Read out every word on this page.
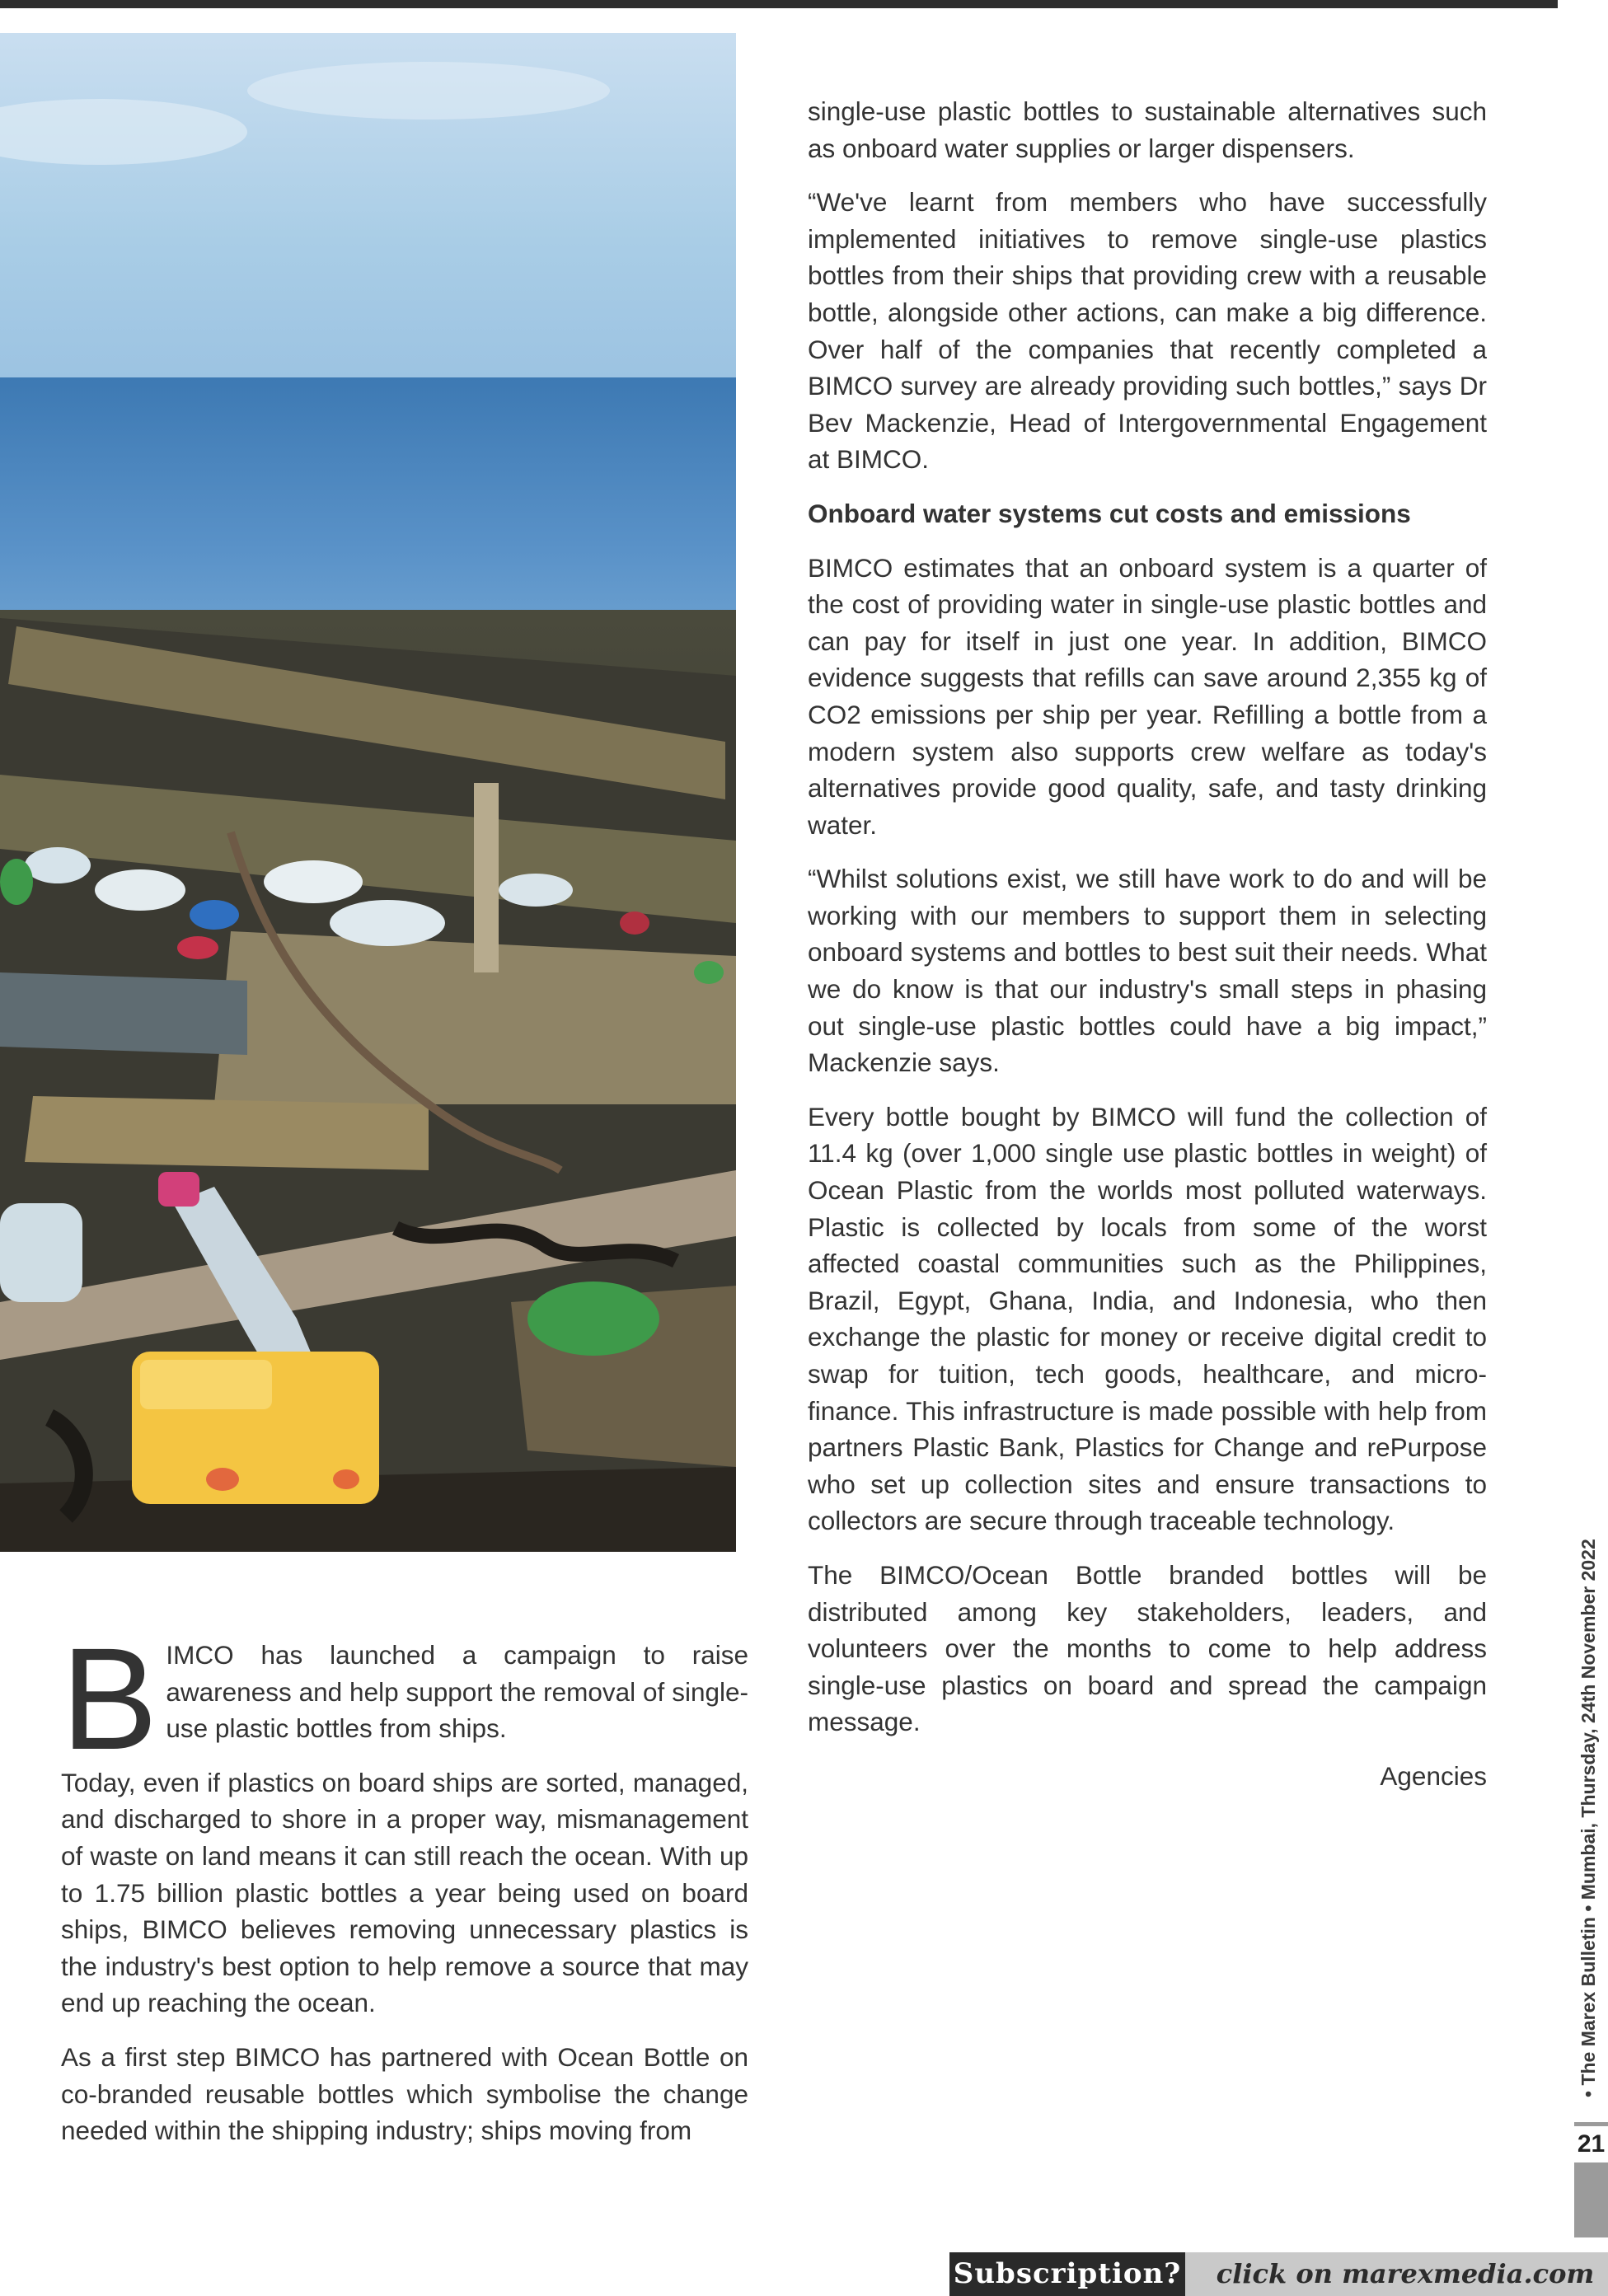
BIMCO has launched a campaign to raise awareness and help support the removal of single-use plastic bottles from ships.

Today, even if plastics on board ships are sorted, managed, and discharged to shore in a proper way, mismanagement of waste on land means it can still reach the ocean. With up to 1.75 billion plastic bottles a year being used on board ships, BIMCO believes removing unnecessary plastics is the industry's best option to help remove a source that may end up reaching the ocean.

As a first step BIMCO has partnered with Ocean Bottle on co-branded reusable bottles which symbolise the change needed within the shipping industry; ships moving from

single-use plastic bottles to sustainable alternatives such as onboard water supplies or larger dispensers.

“We've learnt from members who have successfully implemented initiatives to remove single-use plastics bottles from their ships that providing crew with a reusable bottle, alongside other actions, can make a big difference. Over half of the companies that recently completed a BIMCO survey are already providing such bottles,” says Dr Bev Mackenzie, Head of Intergovernmental Engagement at BIMCO.

Onboard water systems cut costs and emissions

BIMCO estimates that an onboard system is a quarter of the cost of providing water in single-use plastic bottles and can pay for itself in just one year. In addition, BIMCO evidence suggests that refills can save around 2,355 kg of CO2 emissions per ship per year. Refilling a bottle from a modern system also supports crew welfare as today's alternatives provide good quality, safe, and tasty drinking water.

“Whilst solutions exist, we still have work to do and will be working with our members to support them in selecting onboard systems and bottles to best suit their needs. What we do know is that our industry's small steps in phasing out single-use plastic bottles could have a big impact,” Mackenzie says.

Every bottle bought by BIMCO will fund the collection of 11.4 kg (over 1,000 single use plastic bottles in weight) of Ocean Plastic from the worlds most polluted waterways. Plastic is collected by locals from some of the worst affected coastal communities such as the Philippines, Brazil, Egypt, Ghana, India, and Indonesia, who then exchange the plastic for money or receive digital credit to swap for tuition, tech goods, healthcare, and micro-finance. This infrastructure is made possible with help from partners Plastic Bank, Plastics for Change and rePurpose who set up collection sites and ensure transactions to collectors are secure through traceable technology.

The BIMCO/Ocean Bottle branded bottles will be distributed among key stakeholders, leaders, and volunteers over the months to come to help address single-use plastics on board and spread the campaign message.

Agencies	• The Marex Bulletin • Mumbai, Thursday, 24th November 2022
21
Subscription? click on marexmedia.com
